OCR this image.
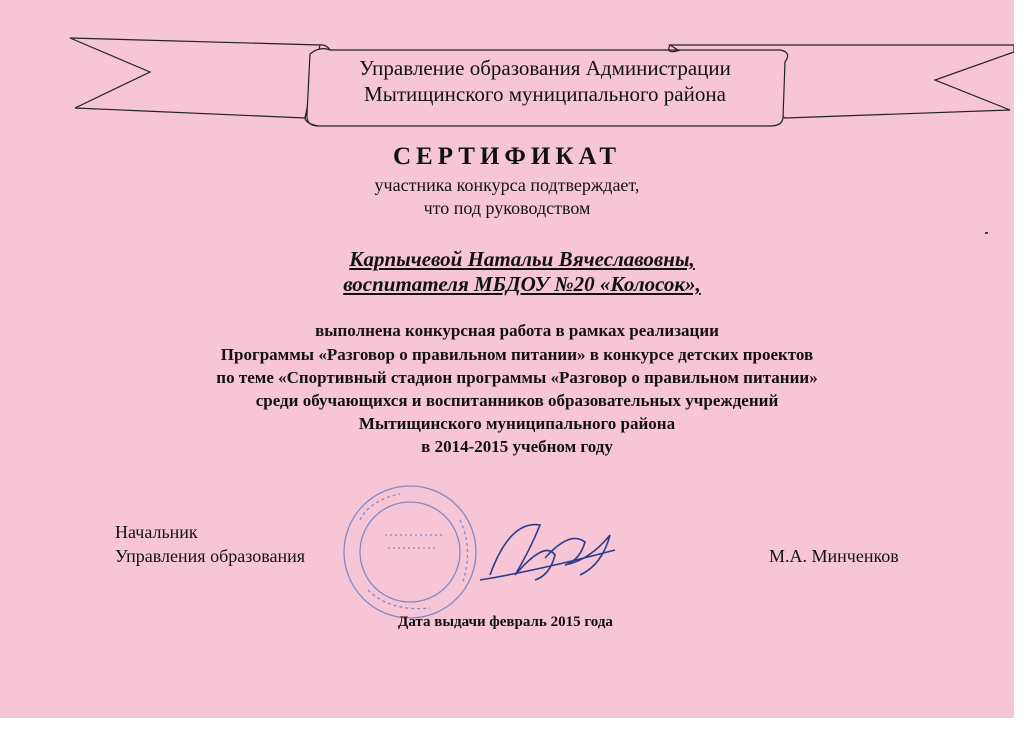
Управление образования Администрации
Мытищинского муниципального района
СЕРТИФИКАТ
участника конкурса подтверждает,
что под руководством
Карпычевой Натальи Вячеславовны,
воспитателя МБДОУ №20 «Колосок»,
выполнена конкурсная работа в рамках реализации
Программы «Разговор о правильном питании» в конкурсе детских проектов
по теме «Спортивный стадион программы «Разговор о правильном питании»
среди обучающихся и воспитанников образовательных учреждений
Мытищинского муниципального района
в 2014-2015 учебном году
Начальник
Управления образования	М.А. Минченков
Дата выдачи февраль 2015 года
